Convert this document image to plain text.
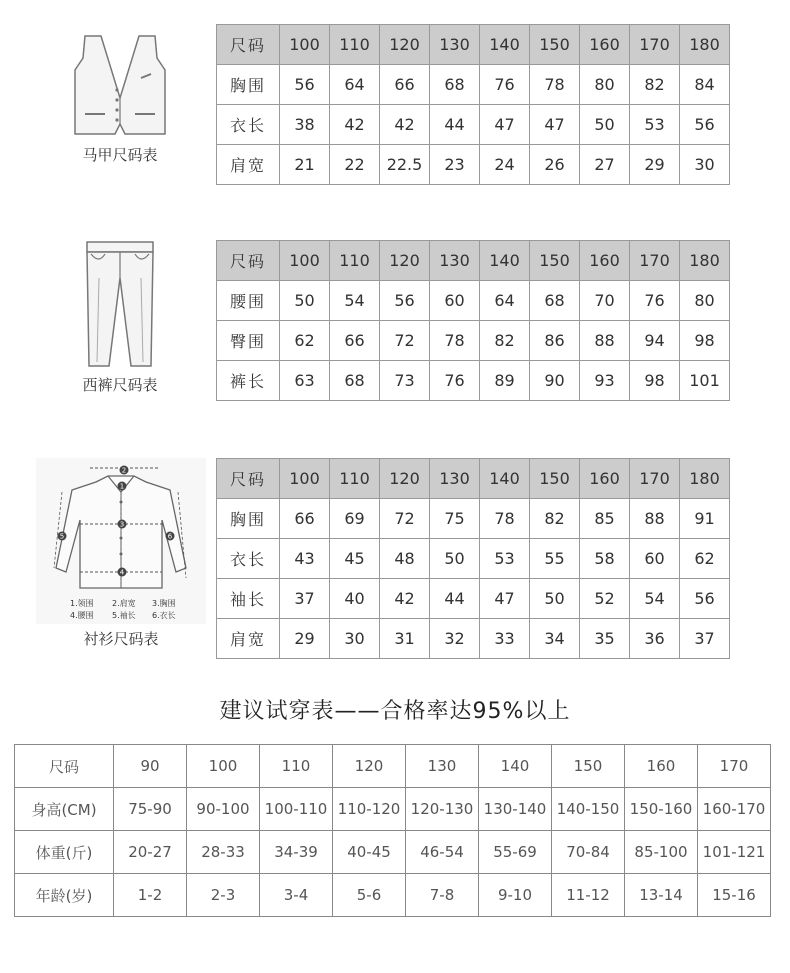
马甲尺码表
尺码	100	110	120	130	140	150	160	170	180
胸围	56	64	66	68	76	78	80	82	84
衣长	38	42	42	44	47	47	50	53	56
肩宽	21	22	22.5	23	24	26	27	29	30
西裤尺码表
尺码	100	110	120	130	140	150	160	170	180
腰围	50	54	56	60	64	68	70	76	80
臀围	62	66	72	78	82	86	88	94	98
裤长	63	68	73	76	89	90	93	98	101
2
1
3
4
5	6
1.领围 2.肩宽 3.胸围
4.腰围 5.袖长 6.衣长
衬衫尺码表
尺码	100	110	120	130	140	150	160	170	180
胸围	66	69	72	75	78	82	85	88	91
衣长	43	45	48	50	53	55	58	60	62
袖长	37	40	42	44	47	50	52	54	56
肩宽	29	30	31	32	33	34	35	36	37
建议试穿表——合格率达95%以上
尺码	90	100	110	120	130	140	150	160	170
身高(CM)	75-90	90-100	100-110	110-120	120-130	130-140	140-150	150-160	160-170
体重(斤)	20-27	28-33	34-39	40-45	46-54	55-69	70-84	85-100	101-121
年龄(岁)	1-2	2-3	3-4	5-6	7-8	9-10	11-12	13-14	15-16
